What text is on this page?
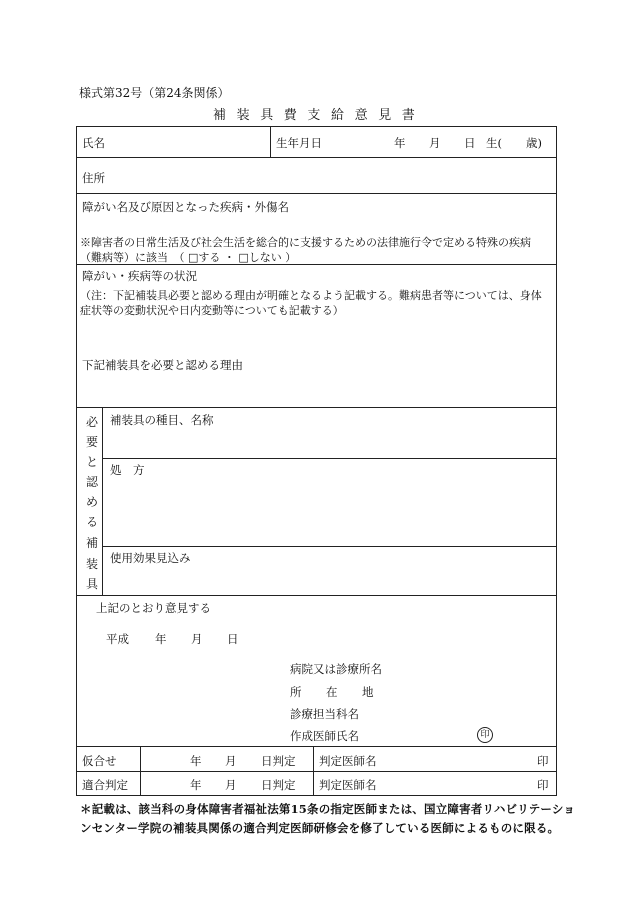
様式第32号（第24条関係）
補装具費支給意見書
氏名	生年月日	年 月 日 生( 歳)
住所
障がい名及び原因となった疾病・外傷名
※障害者の日常生活及び社会生活を総合的に支援するための法律施行令で定める特殊の疾病
（難病等）に該当　（ □する ・ □しない ）
障がい・疾病等の状況
（注：下記補装具必要と認める理由が明確となるよう記載する。難病患者等については、身体
症状等の変動状況や日内変動等についても記載する）
下記補装具を必要と認める理由
必
要
と
認
め
る
補
装
具
補装具の種目、名称
処　方
使用効果見込み
上記のとおり意見する
平成 年 月 日
病院又は診療所名
所 在 地
診療担当科名
作成医師氏名	印
仮合せ	年 月 日判定 判定医師名	印
適合判定	年 月 日判定 判定医師名	印
＊記載は、該当科の身体障害者福祉法第15条の指定医師または、国立障害者リハビリテーショ
ンセンター学院の補装具関係の適合判定医師研修会を修了している医師によるものに限る。
